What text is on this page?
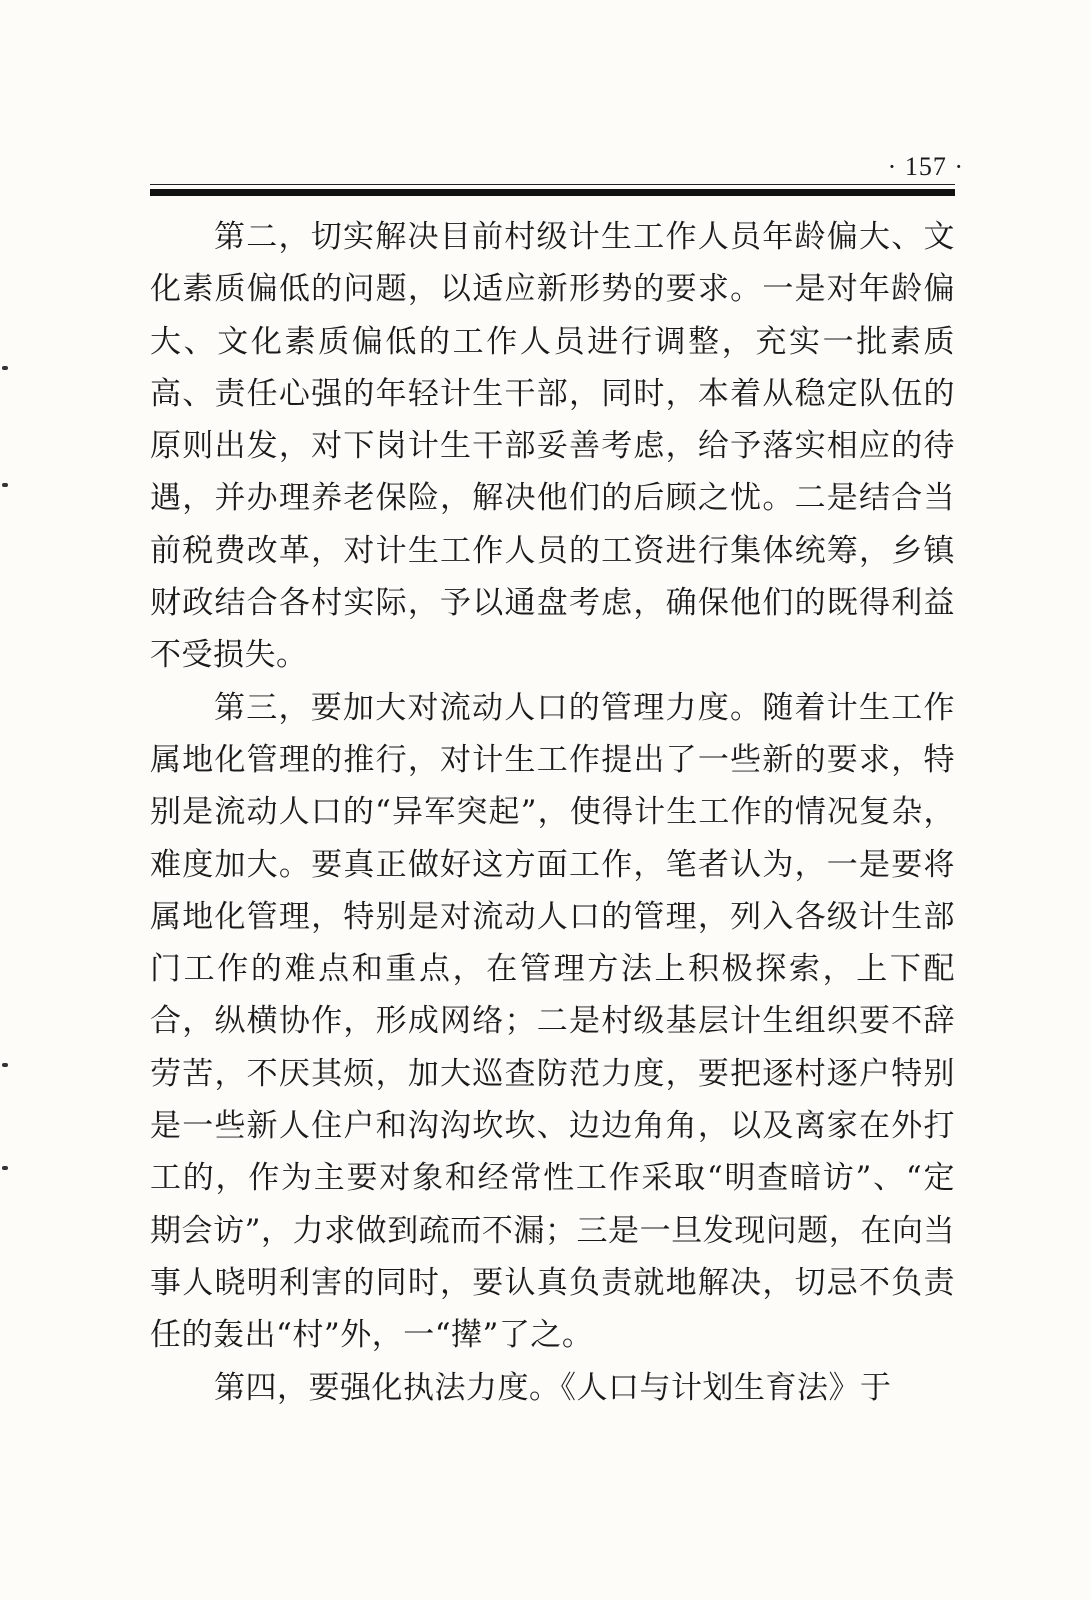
· 157 ·

第二，切实解决目前村级计生工作人员年龄偏大、文化素质偏低的问题，以适应新形势的要求。一是对年龄偏大、文化素质偏低的工作人员进行调整，充实一批素质高、责任心强的年轻计生干部，同时，本着从稳定队伍的原则出发，对下岗计生干部妥善考虑，给予落实相应的待遇，并办理养老保险，解决他们的后顾之忧。二是结合当前税费改革，对计生工作人员的工资进行集体统筹，乡镇财政结合各村实际，予以通盘考虑，确保他们的既得利益不受损失。

第三，要加大对流动人口的管理力度。随着计生工作属地化管理的推行，对计生工作提出了一些新的要求，特别是流动人口的“异军突起”，使得计生工作的情况复杂，难度加大。要真正做好这方面工作，笔者认为，一是要将属地化管理，特别是对流动人口的管理，列入各级计生部门工作的难点和重点，在管理方法上积极探索，上下配合，纵横协作，形成网络；二是村级基层计生组织要不辞劳苦，不厌其烦，加大巡查防范力度，要把逐村逐户特别是一些新人住户和沟沟坎坎、边边角角，以及离家在外打工的，作为主要对象和经常性工作采取“明查暗访”、“定期会访”，力求做到疏而不漏；三是一旦发现问题，在向当事人晓明利害的同时，要认真负责就地解决，切忌不负责任的轰出“村”外，一“撵”了之。

第四，要强化执法力度。《人口与计划生育法》于
